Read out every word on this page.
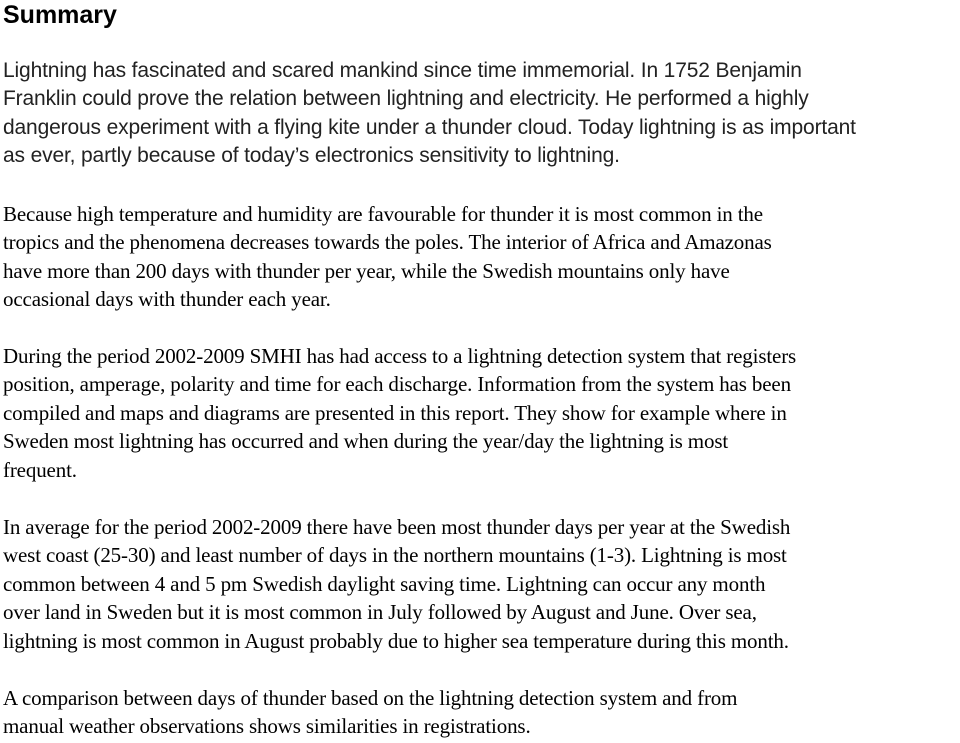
Summary
Lightning has fascinated and scared mankind since time immemorial. In 1752 Benjamin
Franklin could prove the relation between lightning and electricity. He performed a highly
dangerous experiment with a flying kite under a thunder cloud. Today lightning is as important
as ever, partly because of today’s electronics sensitivity to lightning.
Because high temperature and humidity are favourable for thunder it is most common in the
tropics and the phenomena decreases towards the poles. The interior of Africa and Amazonas
have more than 200 days with thunder per year, while the Swedish mountains only have
occasional days with thunder each year.
During the period 2002-2009 SMHI has had access to a lightning detection system that registers
position, amperage, polarity and time for each discharge. Information from the system has been
compiled and maps and diagrams are presented in this report. They show for example where in
Sweden most lightning has occurred and when during the year/day the lightning is most
frequent.
In average for the period 2002-2009 there have been most thunder days per year at the Swedish
west coast (25-30) and least number of days in the northern mountains (1-3). Lightning is most
common between 4 and 5 pm Swedish daylight saving time. Lightning can occur any month
over land in Sweden but it is most common in July followed by August and June. Over sea,
lightning is most common in August probably due to higher sea temperature during this month.
A comparison between days of thunder based on the lightning detection system and from
manual weather observations shows similarities in registrations.
